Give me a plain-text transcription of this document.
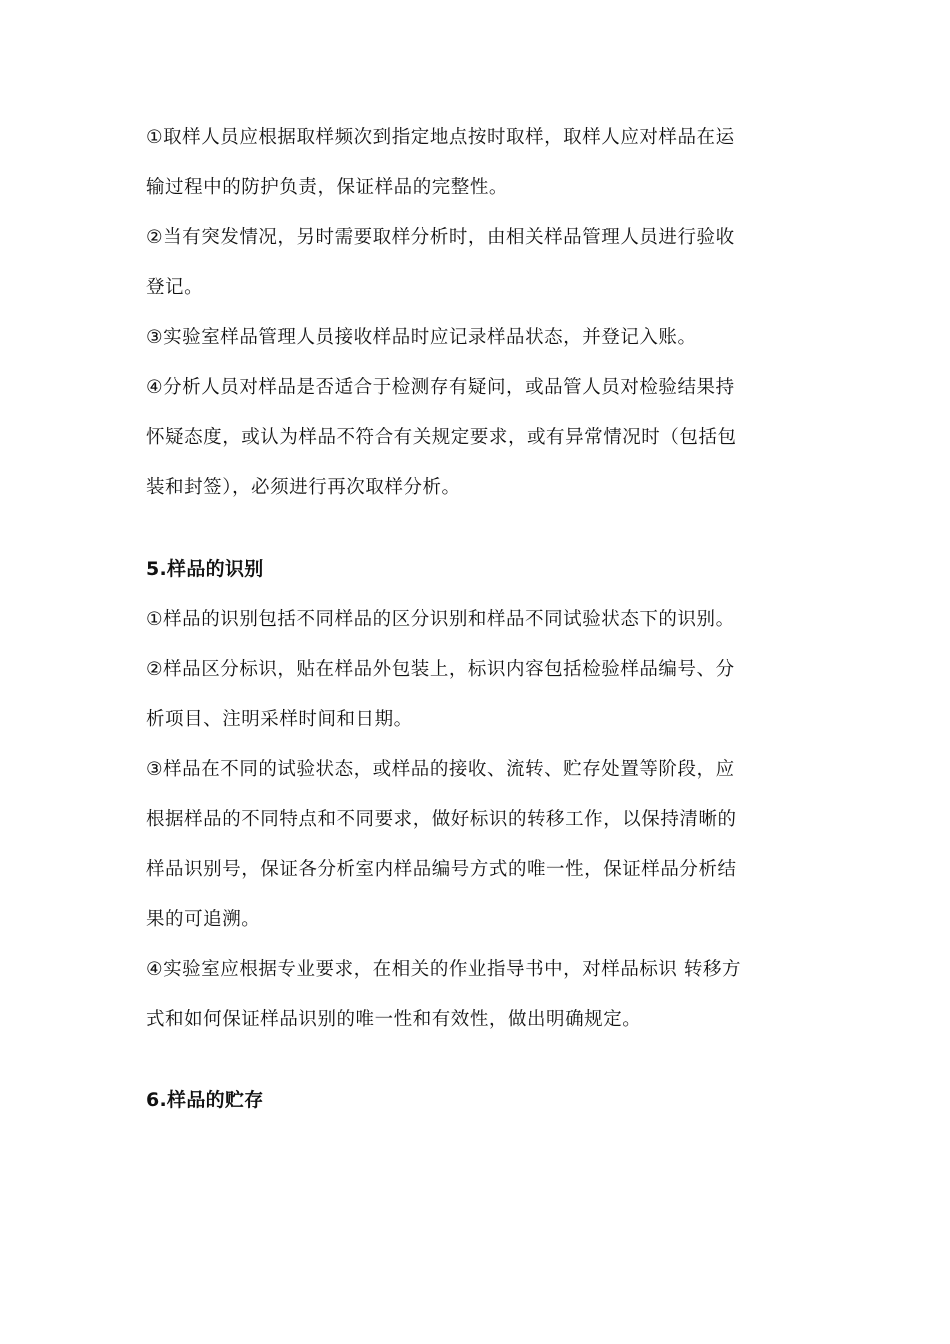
①取样人员应根据取样频次到指定地点按时取样，取样人应对样品在运
输过程中的防护负责，保证样品的完整性。
②当有突发情况，另时需要取样分析时，由相关样品管理人员进行验收
登记。
③实验室样品管理人员接收样品时应记录样品状态，并登记入账。
④分析人员对样品是否适合于检测存有疑问，或品管人员对检验结果持
怀疑态度，或认为样品不符合有关规定要求，或有异常情况时（包括包
装和封签），必须进行再次取样分析。
5.样品的识别
①样品的识别包括不同样品的区分识别和样品不同试验状态下的识别。
②样品区分标识，贴在样品外包装上，标识内容包括检验样品编号、分
析项目、注明采样时间和日期。
③样品在不同的试验状态，或样品的接收、流转、贮存处置等阶段，应
根据样品的不同特点和不同要求，做好标识的转移工作，以保持清晰的
样品识别号，保证各分析室内样品编号方式的唯一性，保证样品分析结
果的可追溯。
④实验室应根据专业要求，在相关的作业指导书中，对样品标识 转移方
式和如何保证样品识别的唯一性和有效性，做出明确规定。
6.样品的贮存
